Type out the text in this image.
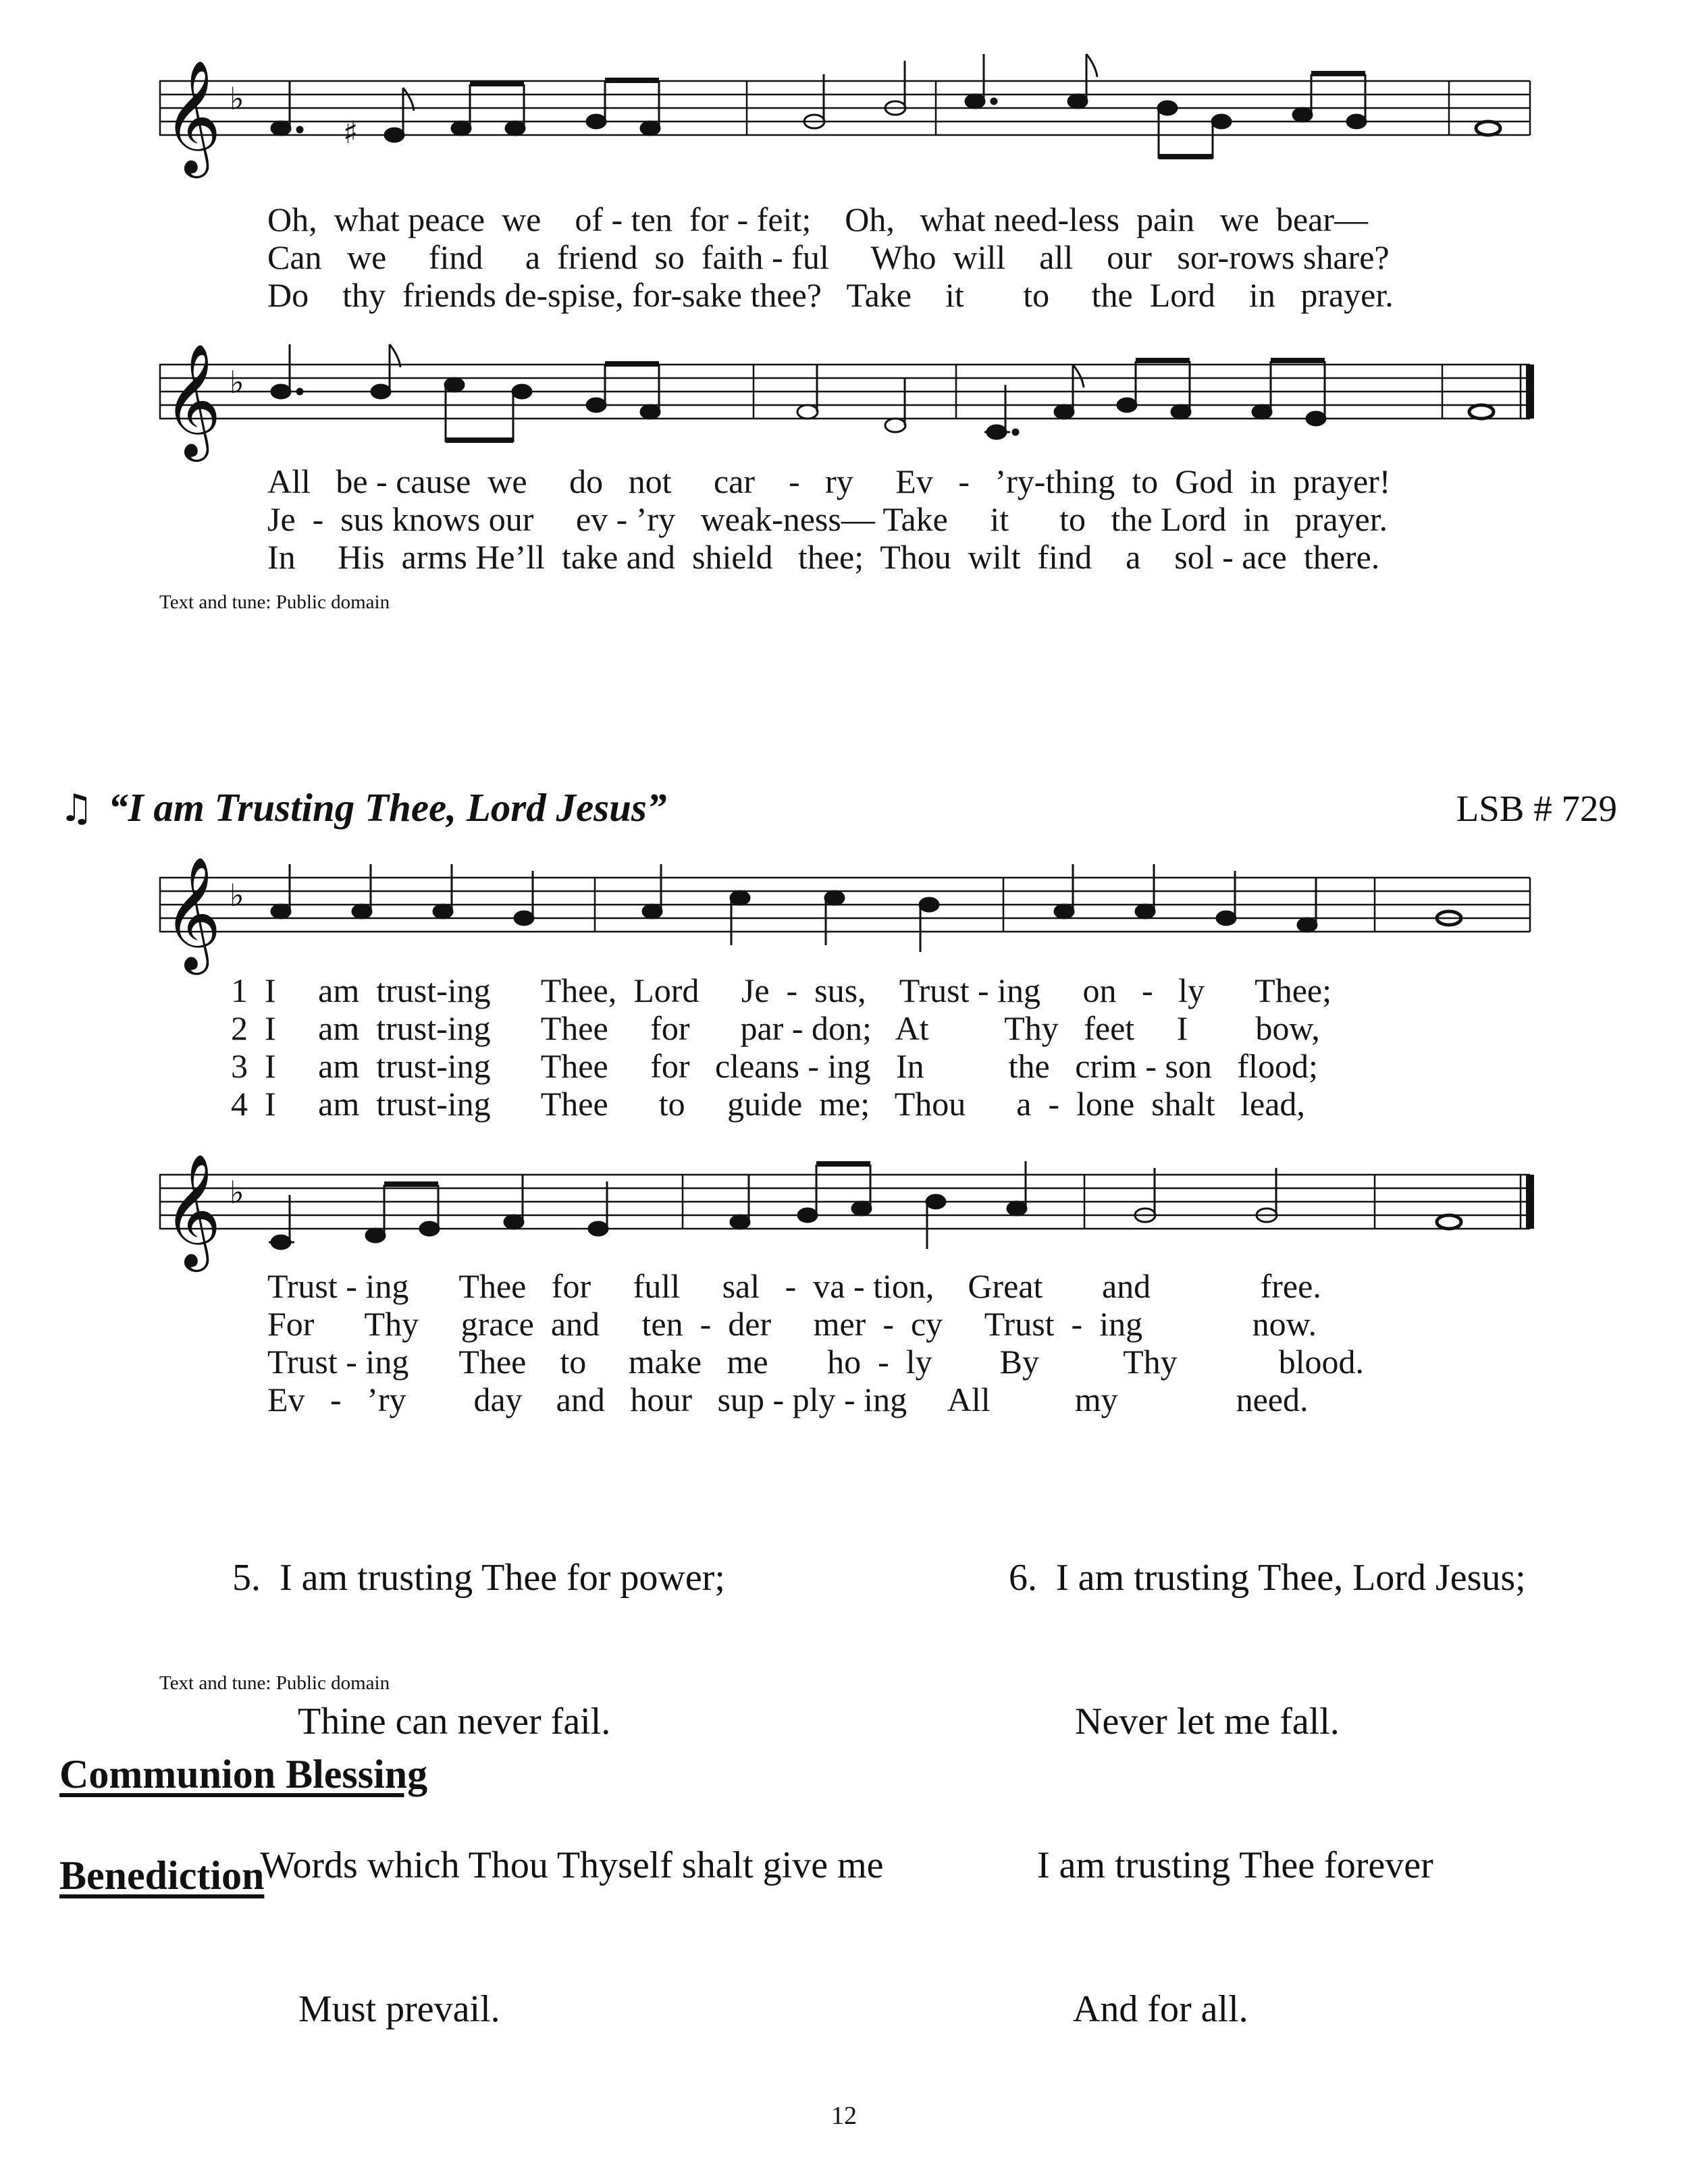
𝄞 ♭
♯
Oh,  what peace  we    of - ten  for - feit;    Oh,   what need-less  pain   we  bear—
Can   we     find     a  friend  so  faith - ful     Who  will    all    our   sor-rows share?
Do    thy  friends de-spise, for-sake thee?   Take    it       to     the  Lord    in   prayer.
𝄞 ♭
All   be - cause  we     do   not     car    -   ry     Ev   -   ’ry-thing  to  God  in  prayer!
Je  -  sus knows our     ev - ’ry   weak-ness— Take     it      to   the Lord  in   prayer.
In     His  arms He’ll  take and  shield   thee;  Thou  wilt  find    a    sol - ace  there.
Text and tune: Public domain
♫ “I am Trusting Thee, Lord Jesus”	LSB # 729
𝄞 ♭
1  I     am  trust-ing      Thee,  Lord     Je  -  sus,    Trust - ing     on   -   ly      Thee;
2  I     am  trust-ing      Thee     for      par - don;   At         Thy   feet     I        bow,
3  I     am  trust-ing      Thee     for   cleans - ing   In          the   crim - son   flood;
4  I     am  trust-ing      Thee      to     guide  me;   Thou      a  -  lone  shalt   lead,
𝄞 ♭
Trust - ing      Thee   for     full     sal   -  va - tion,    Great       and             free.
For      Thy     grace  and     ten  -  der     mer  -  cy     Trust  -  ing             now.
Trust - ing      Thee    to     make   me       ho  -  ly        By          Thy            blood.
Ev   -   ’ry        day    and   hour   sup - ply - ing     All          my              need.

5.  I am trusting Thee for power;

Thine can never fail.

Words which Thou Thyself shalt give me

Must prevail.

6.  I am trusting Thee, Lord Jesus;

Never let me fall.

I am trusting Thee forever

And for all.

Text and tune: Public domain
Communion Blessing
Benediction
12
